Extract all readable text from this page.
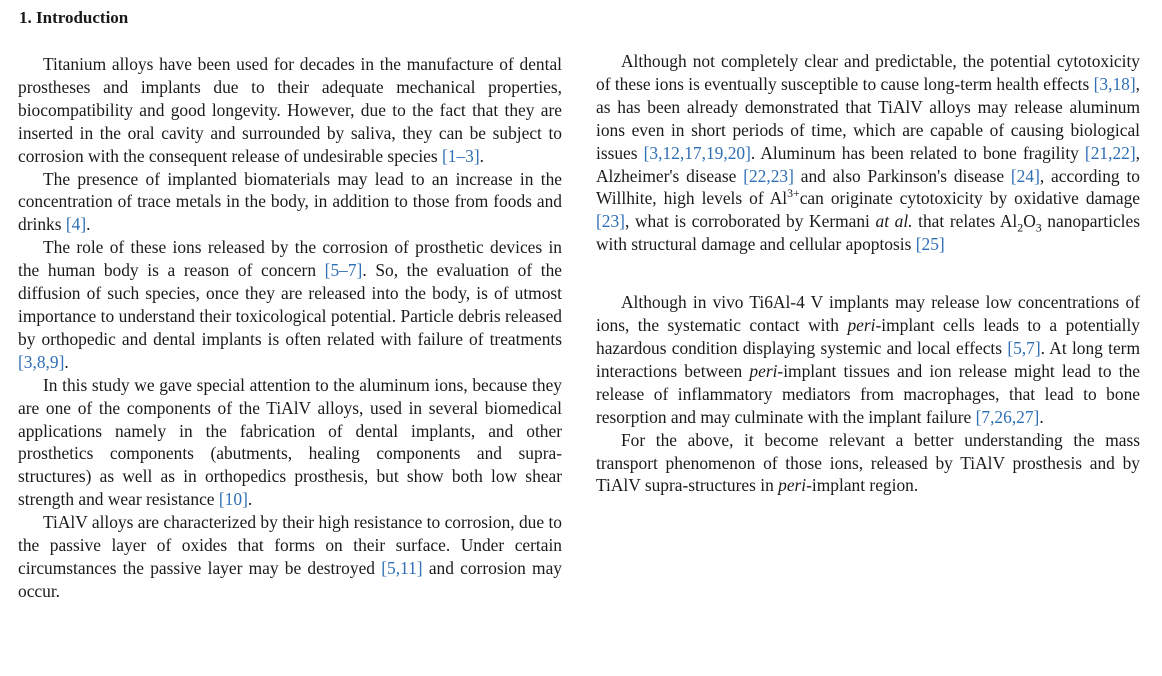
1. Introduction

Titanium alloys have been used for decades in the manufacture of dental prostheses and implants due to their adequate mechanical properties, biocompatibility and good longevity. However, due to the fact that they are inserted in the oral cavity and surrounded by saliva, they can be subject to corrosion with the consequent release of undesirable species [1–3].

The presence of implanted biomaterials may lead to an increase in the concentration of trace metals in the body, in addition to those from foods and drinks [4].

The role of these ions released by the corrosion of prosthetic devices in the human body is a reason of concern [5–7]. So, the evaluation of the diffusion of such species, once they are released into the body, is of utmost importance to understand their toxicological potential. Particle debris released by orthopedic and dental implants is often related with failure of treatments [3,8,9].

In this study we gave special attention to the aluminum ions, because they are one of the components of the TiAlV alloys, used in several biomedical applications namely in the fabrication of dental implants, and other prosthetics components (abutments, healing components and supra-structures) as well as in orthopedics prosthesis, but show both low shear strength and wear resistance [10].

TiAlV alloys are characterized by their high resistance to corrosion, due to the passive layer of oxides that forms on their surface. Under certain circumstances the passive layer may be destroyed [5,11] and corrosion may occur.

Although not completely clear and predictable, the potential cytotoxicity of these ions is eventually susceptible to cause long-term health effects [3,18], as has been already demonstrated that TiAlV alloys may release aluminum ions even in short periods of time, which are capable of causing biological issues [3,12,17,19,20]. Aluminum has been related to bone fragility [21,22], Alzheimer's disease [22,23] and also Parkinson's disease [24], according to Willhite, high levels of $Al^{3+}can$ originate cytotoxicity by oxidative damage [23], what is corroborated by Kermani at al. that relates $Al_2O_3$ nanoparticles with structural damage and cellular apoptosis [25]

Although in vivo Ti6Al-4 V implants may release low concentrations of ions, the systematic contact with peri-implant cells leads to a potentially hazardous condition displaying systemic and local effects [5,7]. At long term interactions between peri-implant tissues and ion release might lead to the release of inflammatory mediators from macrophages, that lead to bone resorption and may culminate with the implant failure [7,26,27].

For the above, it become relevant a better understanding the mass transport phenomenon of those ions, released by TiAlV prosthesis and by TiAlV supra-structures in peri-implant region.
